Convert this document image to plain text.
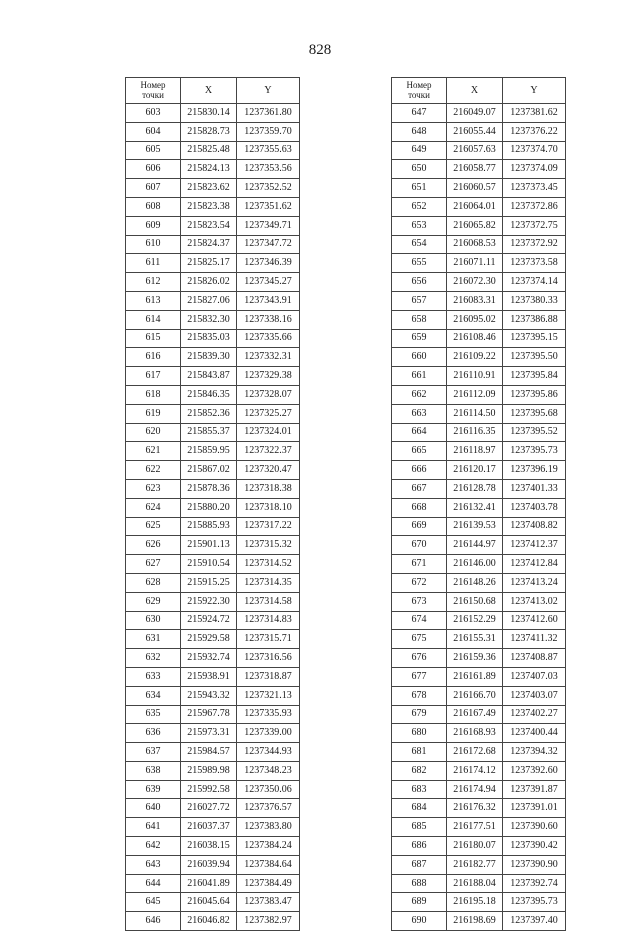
828
Номер
точки	X	Y
603	215830.14	1237361.80
604	215828.73	1237359.70
605	215825.48	1237355.63
606	215824.13	1237353.56
607	215823.62	1237352.52
608	215823.38	1237351.62
609	215823.54	1237349.71
610	215824.37	1237347.72
611	215825.17	1237346.39
612	215826.02	1237345.27
613	215827.06	1237343.91
614	215832.30	1237338.16
615	215835.03	1237335.66
616	215839.30	1237332.31
617	215843.87	1237329.38
618	215846.35	1237328.07
619	215852.36	1237325.27
620	215855.37	1237324.01
621	215859.95	1237322.37
622	215867.02	1237320.47
623	215878.36	1237318.38
624	215880.20	1237318.10
625	215885.93	1237317.22
626	215901.13	1237315.32
627	215910.54	1237314.52
628	215915.25	1237314.35
629	215922.30	1237314.58
630	215924.72	1237314.83
631	215929.58	1237315.71
632	215932.74	1237316.56
633	215938.91	1237318.87
634	215943.32	1237321.13
635	215967.78	1237335.93
636	215973.31	1237339.00
637	215984.57	1237344.93
638	215989.98	1237348.23
639	215992.58	1237350.06
640	216027.72	1237376.57
641	216037.37	1237383.80
642	216038.15	1237384.24
643	216039.94	1237384.64
644	216041.89	1237384.49
645	216045.64	1237383.47
646	216046.82	1237382.97
Номер
точки	X	Y
647	216049.07	1237381.62
648	216055.44	1237376.22
649	216057.63	1237374.70
650	216058.77	1237374.09
651	216060.57	1237373.45
652	216064.01	1237372.86
653	216065.82	1237372.75
654	216068.53	1237372.92
655	216071.11	1237373.58
656	216072.30	1237374.14
657	216083.31	1237380.33
658	216095.02	1237386.88
659	216108.46	1237395.15
660	216109.22	1237395.50
661	216110.91	1237395.84
662	216112.09	1237395.86
663	216114.50	1237395.68
664	216116.35	1237395.52
665	216118.97	1237395.73
666	216120.17	1237396.19
667	216128.78	1237401.33
668	216132.41	1237403.78
669	216139.53	1237408.82
670	216144.97	1237412.37
671	216146.00	1237412.84
672	216148.26	1237413.24
673	216150.68	1237413.02
674	216152.29	1237412.60
675	216155.31	1237411.32
676	216159.36	1237408.87
677	216161.89	1237407.03
678	216166.70	1237403.07
679	216167.49	1237402.27
680	216168.93	1237400.44
681	216172.68	1237394.32
682	216174.12	1237392.60
683	216174.94	1237391.87
684	216176.32	1237391.01
685	216177.51	1237390.60
686	216180.07	1237390.42
687	216182.77	1237390.90
688	216188.04	1237392.74
689	216195.18	1237395.73
690	216198.69	1237397.40
